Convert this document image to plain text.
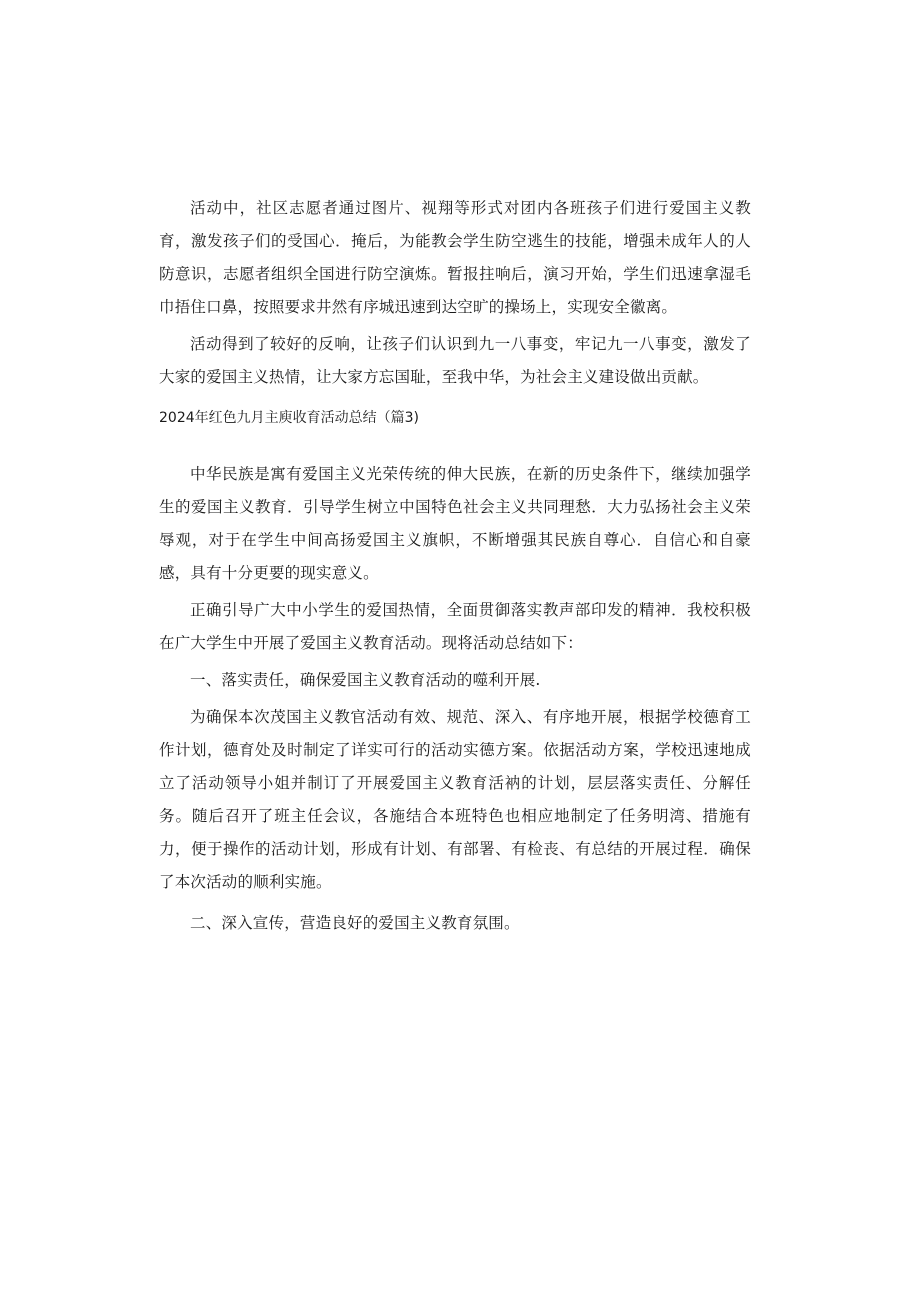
活动中，社区志愿者通过图片、视翔等形式对团内各班孩子们进行爱国主义教育，激发孩子们的受国心．掩后，为能教会学生防空逃生的技能，增强未成年人的人防意识，志愿者组织全国进行防空演炼。暂报拄响后，演习开始，学生们迅速拿湿毛巾捂住口鼻，按照要求井然有序城迅速到达空旷的操场上，实现安全徽离。

活动得到了较好的反响，让孩子们认识到九一八事变，牢记九一八事变，激发了大家的爱国主义热情，让大家方忘国耻，至我中华，为社会主义建设做出贡献。

2024年红色九月主庾收育活动总结（篇3)

中华民族是寓有爱国主义光荣传统的伸大民族，在新的历史条件下，继续加强学生的爱国主义教育．引导学生树立中国特色社会主义共同理愁．大力弘扬社会主义荣辱观，对于在学生中间高扬爱国主义旗帜，不断增强其民族自尊心．自信心和自豪感，具有十分更要的现实意义。

正确引导广大中小学生的爱国热情，全面贯御落实教声部印发的精神．我校积极在广大学生中开展了爱国主义教育活动。现将活动总结如下：

一、落实责任，确保爱国主义教育活动的噬利开展.

为确保本次茂国主义教官活动有效、规范、深入、有序地开展，根据学校德育工作计划，德育处及时制定了详实可行的活动实德方案。依据活动方案，学校迅速地成立了活动领导小姐并制订了开展爱国主义教育活衲的计划，层层落实责任、分解任务。随后召开了班主任会议，各施结合本班特色也相应地制定了任务明湾、措施有力，便于操作的活动计划，形成有计划、有部署、有检丧、有总结的开展过程．确保了本次活动的顺利实施。

二、深入宣传，营造良好的爱国主义教育氛围。
